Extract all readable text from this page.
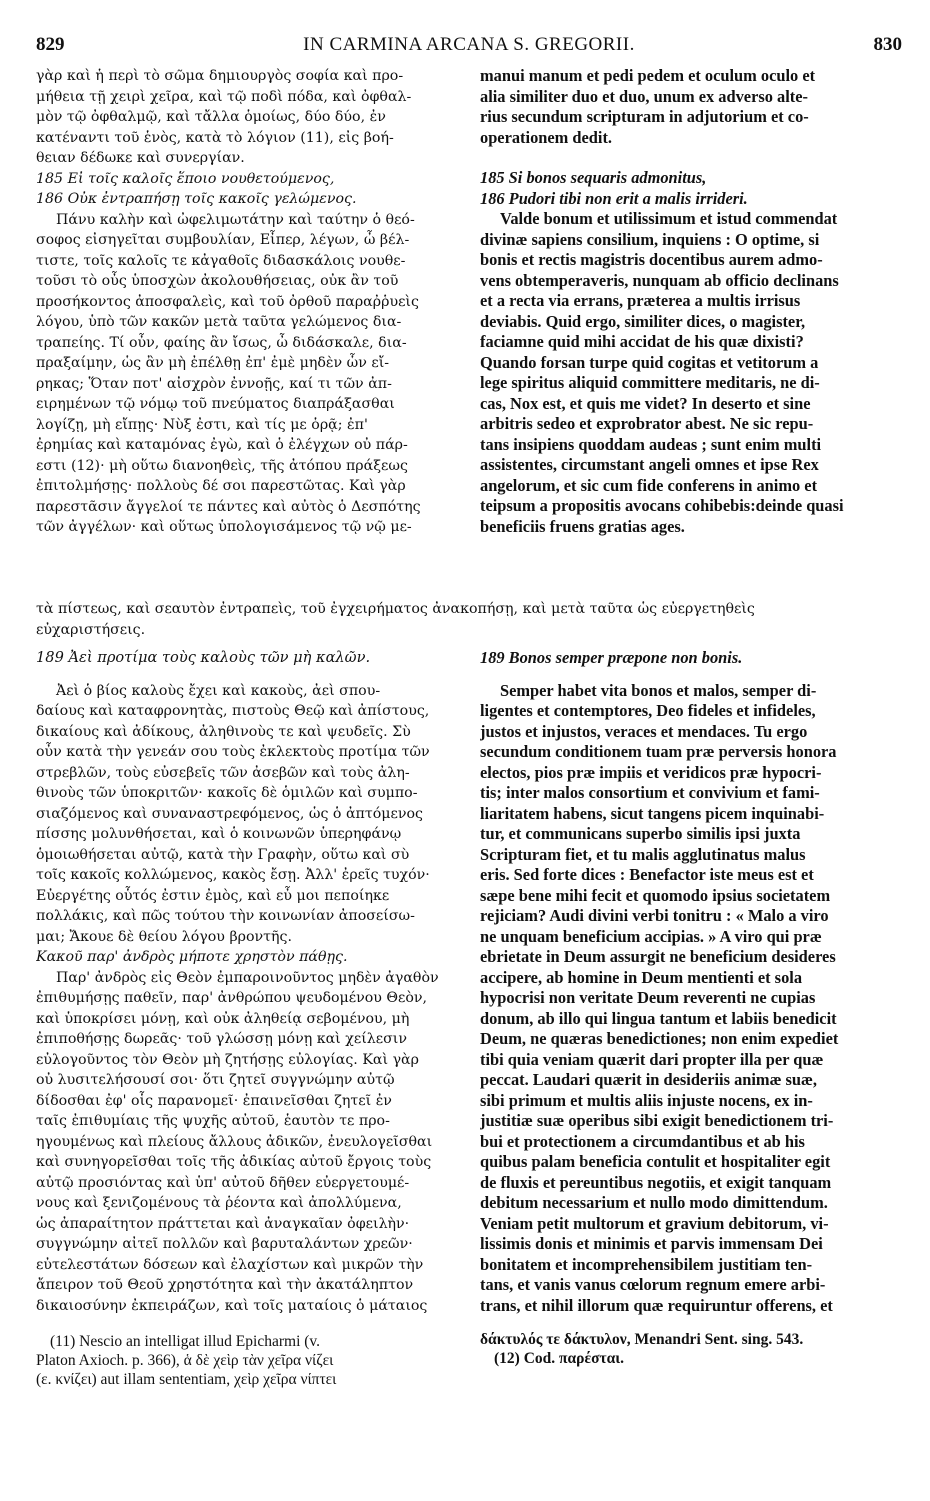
829	IN CARMINA ARCANA S. GREGORII.	830
γὰρ καὶ ἡ περὶ τὸ σῶμα δημιουργὸς σοφία καὶ προ-
μήθεια τῇ χειρὶ χεῖρα, καὶ τῷ ποδὶ πόδα, καὶ ὀφθαλ-
μὸν τῷ ὀφθαλμῷ, καὶ τἄλλα ὁμοίως, δύο δύο, ἐν
κατέναντι τοῦ ἑνὸς, κατὰ τὸ λόγιον (11), εἰς βοή-
θειαν δέδωκε καὶ συνεργίαν.
185 Εἰ τοῖς καλοῖς ἕποιο νουθετούμενος,
186 Οὐκ ἐντραπήσῃ τοῖς κακοῖς γελώμενος.
Πάνυ καλὴν καὶ ὠφελιμωτάτην καὶ ταύτην ὁ θεό-
σοφος εἰσηγεῖται συμβουλίαν, Εἶπερ, λέγων, ὦ βέλ-
τιστε, τοῖς καλοῖς τε κἀγαθοῖς διδασκάλοις νουθε-
τοῦσι τὸ οὖς ὑποσχὼν ἀκολουθήσειας, οὐκ ἂν τοῦ
προσήκοντος ἀποσφαλεὶς, καὶ τοῦ ὀρθοῦ παραῤῥυεὶς
λόγου, ὑπὸ τῶν κακῶν μετὰ ταῦτα γελώμενος δια-
τραπείης. Τί οὖν, φαίης ἂν ἴσως, ὦ διδάσκαλε, δια-
πραξαίμην, ὡς ἂν μὴ ἐπέλθῃ ἐπ' ἐμὲ μηδὲν ὧν εἴ-
ρηκας; Ὅταν ποτ' αἰσχρὸν ἐννοῇς, καί τι τῶν ἀπ-
ειρημένων τῷ νόμῳ τοῦ πνεύματος διαπράξασθαι
λογίζῃ, μὴ εἴπῃς· Νὺξ ἐστι, καὶ τίς με ὁρᾷ; ἐπ'
ἐρημίας καὶ καταμόνας ἐγὼ, καὶ ὁ ἐλέγχων οὐ πάρ-
εστι (12)· μὴ οὕτω διανοηθεὶς, τῆς ἀτόπου πράξεως
ἐπιτολμήσῃς· πολλοὺς δέ σοι παρεστῶτας. Καὶ γὰρ
παρεστᾶσιν ἄγγελοί τε πάντες καὶ αὐτὸς ὁ Δεσπότης
τῶν ἀγγέλων· καὶ οὕτως ὑπολογισάμενος τῷ νῷ με-
manui manum et pedi pedem et oculum oculo et
alia similiter duo et duo, unum ex adverso alte-
rius secundum scripturam in adjutorium et co-
operationem dedit.
185 Si bonos sequaris admonitus,
186 Pudori tibi non erit a malis irrideri.
Valde bonum et utilissimum et istud commendat
divinæ sapiens consilium, inquiens : O optime, si
bonis et rectis magistris docentibus aurem admo-
vens obtemperaveris, nunquam ab officio declinans
et a recta via errans, præterea a multis irrisus
deviabis. Quid ergo, similiter dices, o magister,
faciamne quid mihi accidat de his quæ dixisti?
Quando forsan turpe quid cogitas et vetitorum a
lege spiritus aliquid committere meditaris, ne di-
cas, Nox est, et quis me videt? In deserto et sine
arbitris sedeo et exprobrator abest. Ne sic repu-
tans insipiens quoddam audeas ; sunt enim multi
assistentes, circumstant angeli omnes et ipse Rex
angelorum, et sic cum fide conferens in animo et
teipsum a propositis avocans cohibebis:deinde quasi
beneficiis fruens gratias ages.
τὰ πίστεως, καὶ σεαυτὸν ἐντραπεὶς, τοῦ ἐγχειρήματος ἀνακοπήσῃ, καὶ μετὰ ταῦτα ὡς εὐεργετηθεὶς
εὐχαριστήσεις.
189 Ἀεὶ προτίμα τοὺς καλοὺς τῶν μὴ καλῶν.
Ἀεὶ ὁ βίος καλοὺς ἔχει καὶ κακοὺς, ἀεὶ σπου-
δαίους καὶ καταφρονητὰς, πιστοὺς Θεῷ καὶ ἀπίστους,
δικαίους καὶ ἀδίκους, ἀληθινοὺς τε καὶ ψευδεῖς. Σὺ
οὖν κατὰ τὴν γενεάν σου τοὺς ἐκλεκτοὺς προτίμα τῶν
στρεβλῶν, τοὺς εὐσεβεῖς τῶν ἀσεβῶν καὶ τοὺς ἀλη-
θινοὺς τῶν ὑποκριτῶν· κακοῖς δὲ ὁμιλῶν καὶ συμπο-
σιαζόμενος καὶ συναναστρεφόμενος, ὡς ὁ ἀπτόμενος
πίσσης μολυνθήσεται, καὶ ὁ κοινωνῶν ὑπερηφάνῳ
ὁμοιωθήσεται αὐτῷ, κατὰ τὴν Γραφὴν, οὕτω καὶ σὺ
τοῖς κακοῖς κολλώμενος, κακὸς ἔσῃ. Ἀλλ' ἐρεῖς τυχόν·
Εὐεργέτης οὗτός ἐστιν ἐμὸς, καὶ εὖ μοι πεποίηκε
πολλάκις, καὶ πῶς τούτου τὴν κοινωνίαν ἀποσείσω-
μαι; Ἄκουε δὲ θείου λόγου βροντῆς.
Κακοῦ παρ' ἀνδρὸς μήποτε χρηστὸν πάθῃς.
Παρ' ἀνδρὸς εἰς Θεὸν ἐμπαροινοῦντος μηδὲν ἀγαθὸν
ἐπιθυμήσῃς παθεῖν, παρ' ἀνθρώπου ψευδομένου Θεὸν,
καὶ ὑποκρίσει μόνῃ, καὶ οὐκ ἀληθείᾳ σεβομένου, μὴ
ἐπιποθήσῃς δωρεᾶς· τοῦ γλώσσῃ μόνῃ καὶ χείλεσιν
εὐλογοῦντος τὸν Θεὸν μὴ ζητήσῃς εὐλογίας. Καὶ γὰρ
οὐ λυσιτελήσουσί σοι· ὅτι ζητεῖ συγγνώμην αὐτῷ
δίδοσθαι ἐφ' οἷς παρανομεῖ· ἐπαινεῖσθαι ζητεῖ ἐν
ταῖς ἐπιθυμίαις τῆς ψυχῆς αὐτοῦ, ἑαυτὸν τε προ-
ηγουμένως καὶ πλείους ἄλλους ἀδικῶν, ἐνευλογεῖσθαι
καὶ συνηγορεῖσθαι τοῖς τῆς ἀδικίας αὐτοῦ ἔργοις τοὺς
αὐτῷ προσιόντας καὶ ὑπ' αὐτοῦ δῆθεν εὐεργετουμέ-
νους καὶ ξενιζομένους τὰ ῥέοντα καὶ ἀπολλύμενα,
ὡς ἀπαραίτητον πράττεται καὶ ἀναγκαῖαν ὀφειλὴν·
συγγνώμην αἰτεῖ πολλῶν καὶ βαρυταλάντων χρεῶν·
εὐτελεστάτων δόσεων καὶ ἐλαχίστων καὶ μικρῶν τὴν
ἄπειρον τοῦ Θεοῦ χρηστότητα καὶ τὴν ἀκατάληπτον
δικαιοσύνην ἐκπειράζων, καὶ τοῖς ματαίοις ὁ μάταιος
(11) Nescio an intelligat illud Epicharmi (v.
Platon Axioch. p. 366), ἁ δὲ χεὶρ τὰν χεῖρα νίζει
(ε. κνίζει) aut illam sententiam, χεὶρ χεῖρα νίπτει
189 Bonos semper præpone non bonis.
Semper habet vita bonos et malos, semper di-
ligentes et contemptores, Deo fideles et infideles,
justos et injustos, veraces et mendaces. Tu ergo
secundum conditionem tuam præ perversis honora
electos, pios præ impiis et veridicos præ hypocri-
tis; inter malos consortium et convivium et fami-
liaritatem habens, sicut tangens picem inquinabi-
tur, et communicans superbo similis ipsi juxta
Scripturam fiet, et tu malis agglutinatus malus
eris. Sed forte dices : Benefactor iste meus est et
sæpe bene mihi fecit et quomodo ipsius societatem
rejiciam? Audi divini verbi tonitru : « Malo a viro
ne unquam beneficium accipias. » A viro qui præ
ebrietate in Deum assurgit ne beneficium desideres
accipere, ab homine in Deum mentienti et sola
hypocrisi non veritate Deum reverenti ne cupias
donum, ab illo qui lingua tantum et labiis benedicit
Deum, ne quæras benedictiones; non enim expediet
tibi quia veniam quærit dari propter illa per quæ
peccat. Laudari quærit in desideriis animæ suæ,
sibi primum et multis aliis injuste nocens, ex in-
justitiæ suæ operibus sibi exigit benedictionem tri-
bui et protectionem a circumdantibus et ab his
quibus palam beneficia contulit et hospitaliter egit
de fluxis et pereuntibus negotiis, et exigit tanquam
debitum necessarium et nullo modo dimittendum.
Veniam petit multorum et gravium debitorum, vi-
lissimis donis et minimis et parvis immensam Dei
bonitatem et incomprehensibilem justitiam ten-
tans, et vanis vanus cœlorum regnum emere arbi-
trans, et nihil illorum quæ requiruntur offerens, et
δάκτυλός τε δάκτυλον, Menandri Sent. sing. 543.
(12) Cod. παρέσται.
